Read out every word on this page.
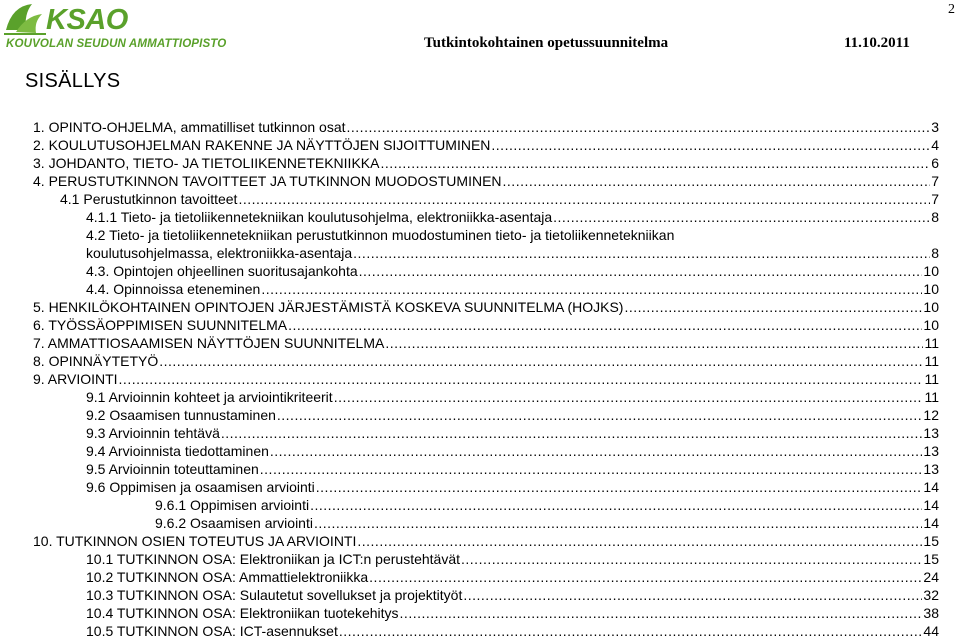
KSAO
KOUVOLAN SEUDUN AMMATTIOPISTO	Tutkintokohtainen opetussuunnitelma	11.10.2011
2
SISÄLLYS
1. OPINTO-OHJELMA, ammatilliset tutkinnon osat .....	3
2. KOULUTUSOHJELMAN RAKENNE JA NÄYTTÖJEN SIJOITTUMINEN .....	4
3. JOHDANTO, TIETO- JA TIETOLIIKENNETEKNIIKKA .....	6
4. PERUSTUTKINNON TAVOITTEET JA TUTKINNON MUODOSTUMINEN .....	7
4.1 Perustutkinnon tavoitteet .....	7
4.1.1 Tieto- ja tietoliikennetekniikan koulutusohjelma, elektroniikka-asentaja .....	8
4.2 Tieto- ja tietoliikennetekniikan perustutkinnon muodostuminen tieto- ja tietoliikennetekniikan
koulutusohjelmassa, elektroniikka-asentaja .....	8
4.3. Opintojen ohjeellinen suoritusajankohta .....	10
4.4. Opinnoissa eteneminen .....	10
5. HENKILÖKOHTAINEN OPINTOJEN JÄRJESTÄMISTÄ KOSKEVA SUUNNITELMA (HOJKS) .....	10
6. TYÖSSÄOPPIMISEN SUUNNITELMA .....	10
7. AMMATTIOSAAMISEN NÄYTTÖJEN SUUNNITELMA .....	11
8. OPINNÄYTETYÖ .....	11
9. ARVIOINTI .....	11
9.1 Arvioinnin kohteet ja arviointikriteerit .....	11
9.2 Osaamisen tunnustaminen .....	12
9.3 Arvioinnin tehtävä .....	13
9.4 Arvioinnista tiedottaminen .....	13
9.5 Arvioinnin toteuttaminen .....	13
9.6 Oppimisen ja osaamisen arviointi .....	14
9.6.1 Oppimisen arviointi .....	14
9.6.2 Osaamisen arviointi .....	14
10. TUTKINNON OSIEN TOTEUTUS JA ARVIOINTI .....	15
10.1 TUTKINNON OSA: Elektroniikan ja ICT:n perustehtävät .....	15
10.2 TUTKINNON OSA: Ammattielektroniikka .....	24
10.3 TUTKINNON OSA: Sulautetut sovellukset ja projektityöt .....	32
10.4 TUTKINNON OSA: Elektroniikan tuotekehitys .....	38
10.5 TUTKINNON OSA: ICT-asennukset .....	44
